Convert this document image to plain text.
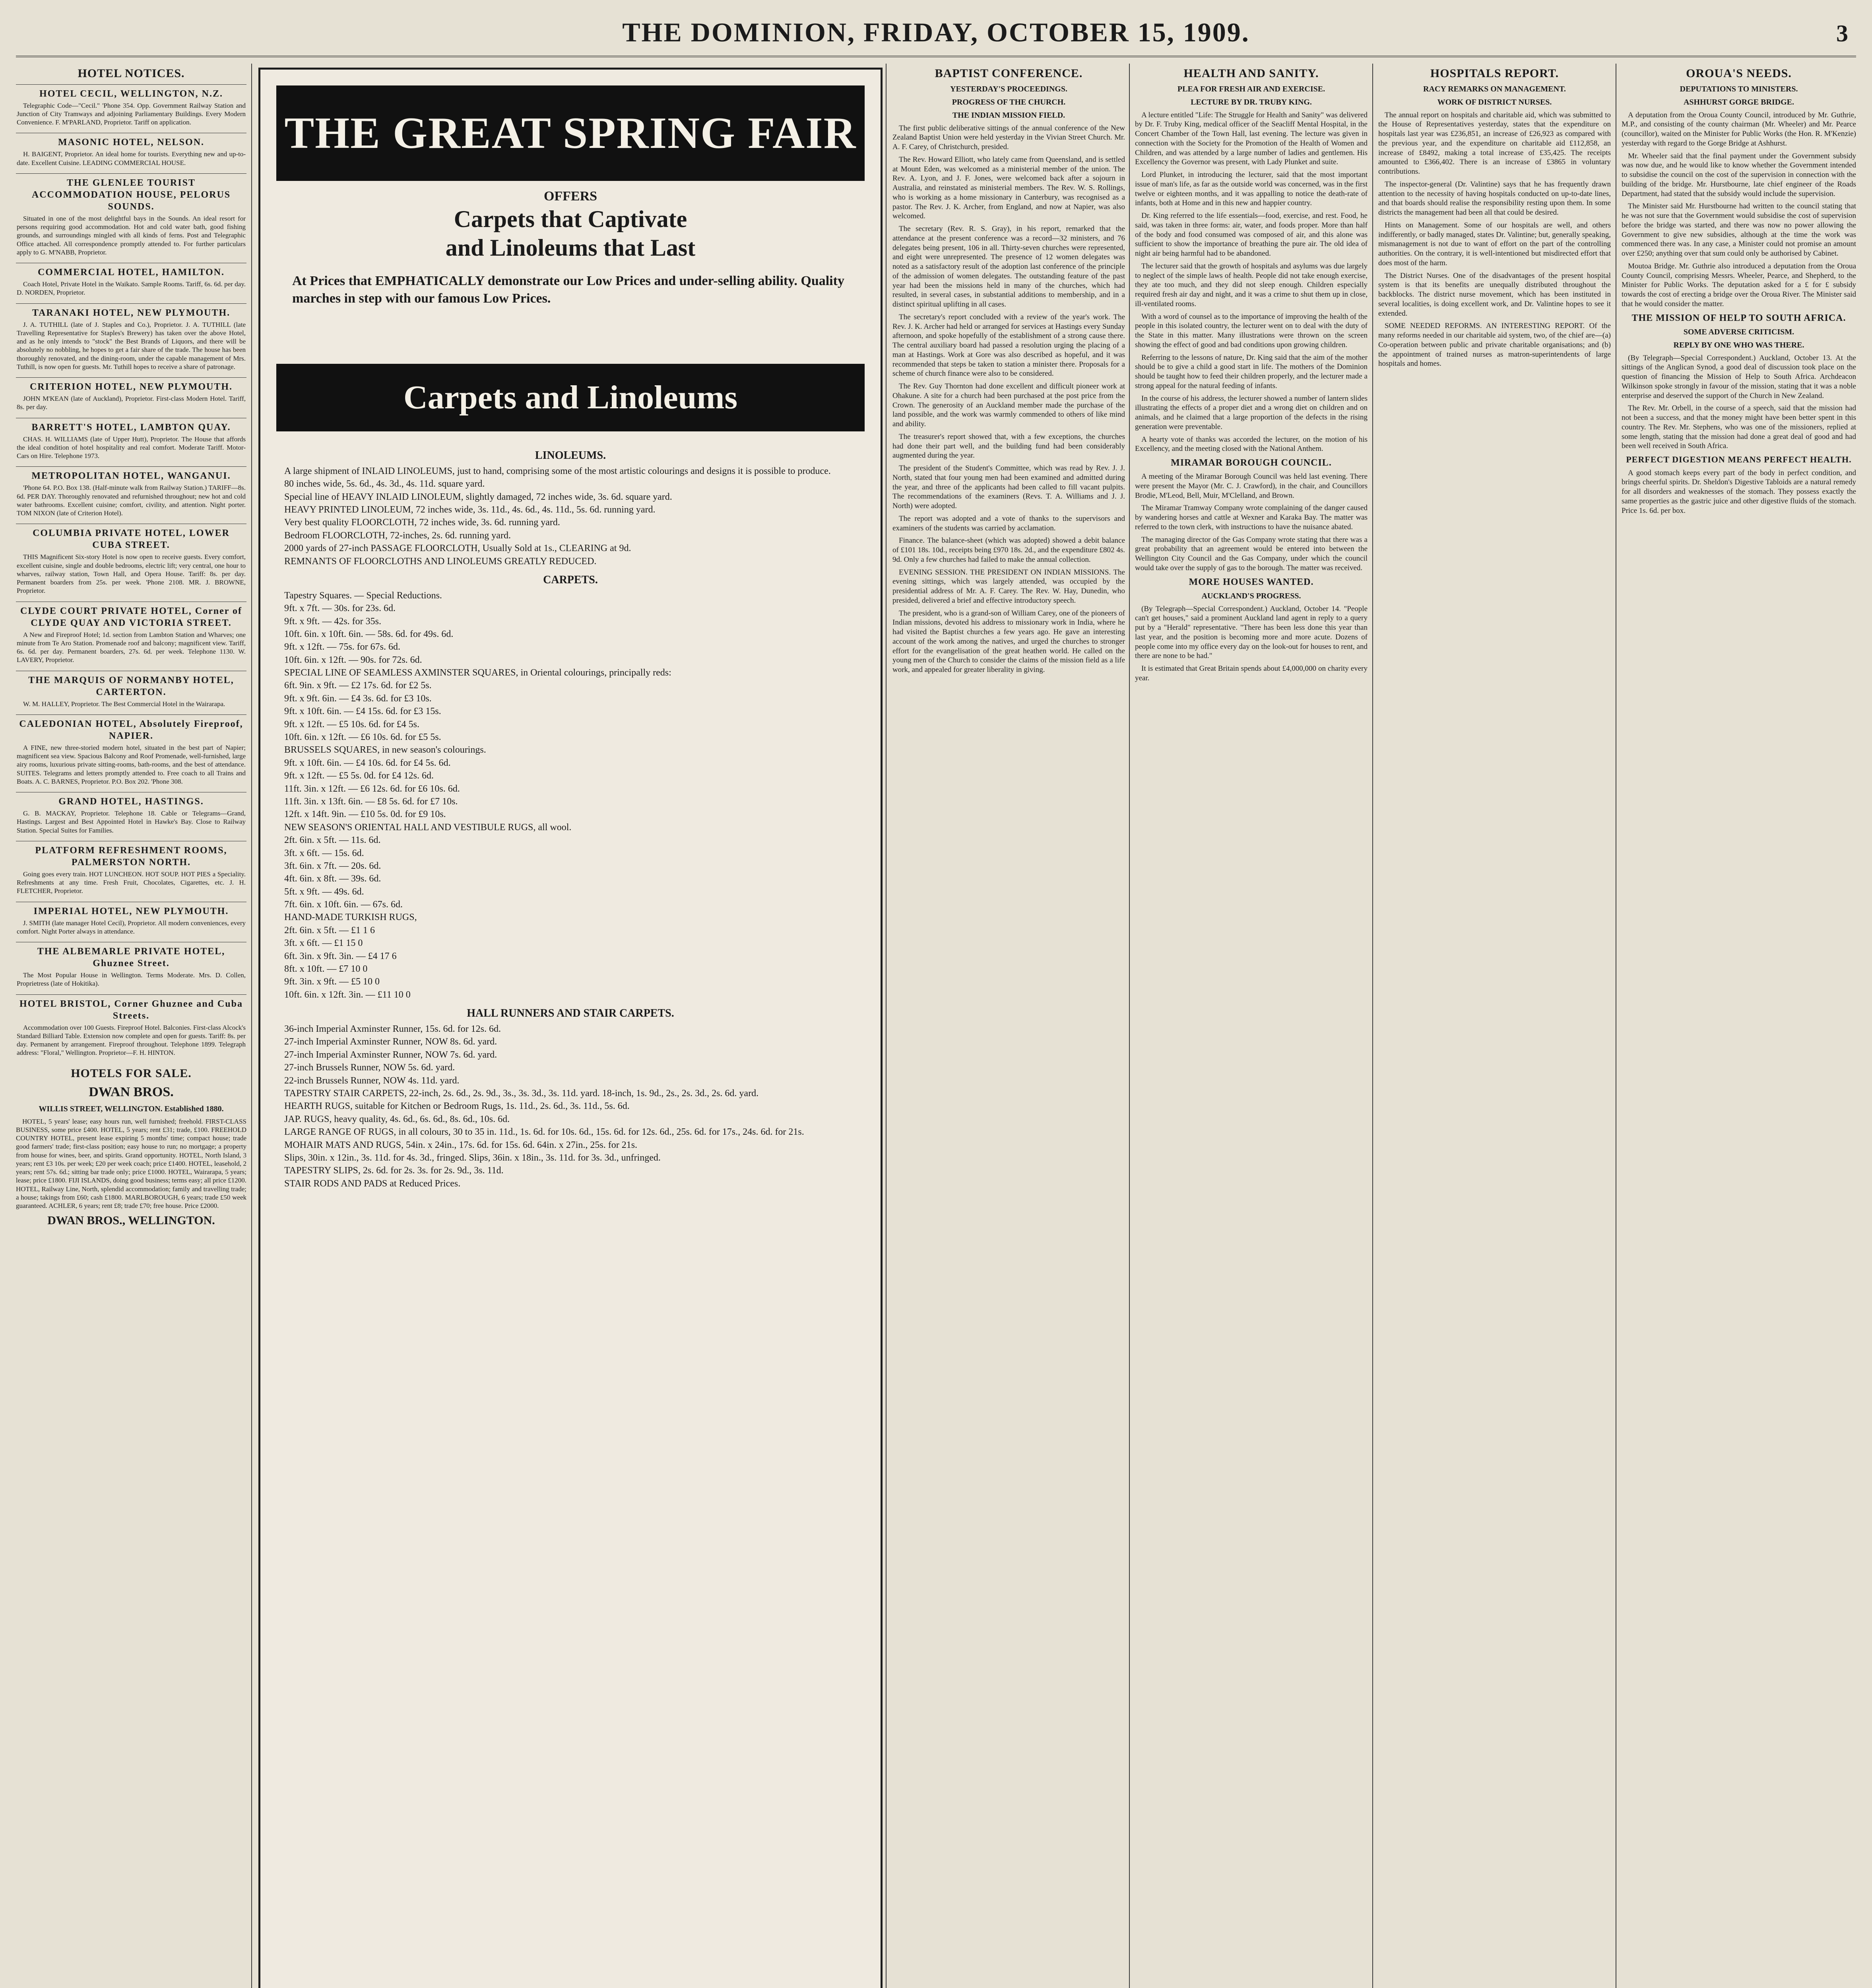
THE DOMINION, FRIDAY, OCTOBER 15, 1909.	3
HOTEL NOTICES.
HOTEL CECIL, WELLINGTON, N.Z.

Telegraphic Code—"Cecil." 'Phone 354. Opp. Government Railway Station and Junction of City Tramways and adjoining Parliamentary Buildings. Every Modern Convenience. F. M'PARLAND, Proprietor. Tariff on application.

MASONIC HOTEL, NELSON.

H. BAIGENT, Proprietor. An ideal home for tourists. Everything new and up-to-date. Excellent Cuisine. LEADING COMMERCIAL HOUSE.

THE GLENLEE TOURIST ACCOMMODATION HOUSE, PELORUS SOUNDS.

Situated in one of the most delightful bays in the Sounds. An ideal resort for persons requiring good accommodation. Hot and cold water bath, good fishing grounds, and surroundings mingled with all kinds of ferns. Post and Telegraphic Office attached. All correspondence promptly attended to. For further particulars apply to G. M'NABB, Proprietor.

COMMERCIAL HOTEL, HAMILTON.

Coach Hotel, Private Hotel in the Waikato. Sample Rooms. Tariff, 6s. 6d. per day. D. NORDEN, Proprietor.

TARANAKI HOTEL, NEW PLYMOUTH.

J. A. TUTHILL (late of J. Staples and Co.), Proprietor. J. A. TUTHILL (late Travelling Representative for Staples's Brewery) has taken over the above Hotel, and as he only intends to "stock" the Best Brands of Liquors, and there will be absolutely no nobbling, he hopes to get a fair share of the trade. The house has been thoroughly renovated, and the dining-room, under the capable management of Mrs. Tuthill, is now open for guests. Mr. Tuthill hopes to receive a share of patronage.

CRITERION HOTEL, NEW PLYMOUTH.

JOHN M'KEAN (late of Auckland), Proprietor. First-class Modern Hotel. Tariff, 8s. per day.

BARRETT'S HOTEL, LAMBTON QUAY.

CHAS. H. WILLIAMS (late of Upper Hutt), Proprietor. The House that affords the ideal condition of hotel hospitality and real comfort. Moderate Tariff. Motor-Cars on Hire. Telephone 1973.

METROPOLITAN HOTEL, WANGANUI.

'Phone 64. P.O. Box 138. (Half-minute walk from Railway Station.) TARIFF—8s. 6d. PER DAY. Thoroughly renovated and refurnished throughout; new hot and cold water bathrooms. Excellent cuisine; comfort, civility, and attention. Night porter. TOM NIXON (late of Criterion Hotel).

COLUMBIA PRIVATE HOTEL, LOWER CUBA STREET.

THIS Magnificent Six-story Hotel is now open to receive guests. Every comfort, excellent cuisine, single and double bedrooms, electric lift; very central, one hour to wharves, railway station, Town Hall, and Opera House. Tariff: 8s. per day. Permanent boarders from 25s. per week. 'Phone 2108. MR. J. BROWNE, Proprietor.

CLYDE COURT PRIVATE HOTEL, Corner of CLYDE QUAY AND VICTORIA STREET.

A New and Fireproof Hotel; 1d. section from Lambton Station and Wharves; one minute from Te Aro Station. Promenade roof and balcony; magnificent view. Tariff, 6s. 6d. per day. Permanent boarders, 27s. 6d. per week. Telephone 1130. W. LAVERY, Proprietor.

THE MARQUIS OF NORMANBY HOTEL, CARTERTON.

W. M. HALLEY, Proprietor. The Best Commercial Hotel in the Wairarapa.

CALEDONIAN HOTEL, Absolutely Fireproof, NAPIER.

A FINE, new three-storied modern hotel, situated in the best part of Napier; magnificent sea view. Spacious Balcony and Roof Promenade, well-furnished, large airy rooms, luxurious private sitting-rooms, bath-rooms, and the best of attendance. SUITES. Telegrams and letters promptly attended to. Free coach to all Trains and Boats. A. C. BARNES, Proprietor. P.O. Box 202. 'Phone 308.

GRAND HOTEL, HASTINGS.

G. B. MACKAY, Proprietor. Telephone 18. Cable or Telegrams—Grand, Hastings. Largest and Best Appointed Hotel in Hawke's Bay. Close to Railway Station. Special Suites for Families.

PLATFORM REFRESHMENT ROOMS, PALMERSTON NORTH.

Going goes every train. HOT LUNCHEON. HOT SOUP. HOT PIES a Speciality. Refreshments at any time. Fresh Fruit, Chocolates, Cigarettes, etc. J. H. FLETCHER, Proprietor.

IMPERIAL HOTEL, NEW PLYMOUTH.

J. SMITH (late manager Hotel Cecil), Proprietor. All modern conveniences, every comfort. Night Porter always in attendance.

THE ALBEMARLE PRIVATE HOTEL, Ghuznee Street.

The Most Popular House in Wellington. Terms Moderate. Mrs. D. Collen, Proprietress (late of Hokitika).

HOTEL BRISTOL, Corner Ghuznee and Cuba Streets.

Accommodation over 100 Guests. Fireproof Hotel. Balconies. First-class Alcock's Standard Billiard Table. Extension now complete and open for guests. Tariff: 8s. per day. Permanent by arrangement. Fireproof throughout. Telephone 1899. Telegraph address: "Floral," Wellington. Proprietor—F. H. HINTON.

HOTELS FOR SALE.
DWAN BROS.
WILLIS STREET, WELLINGTON. Established 1880.

HOTEL, 5 years' lease; easy hours run, well furnished; freehold. FIRST-CLASS BUSINESS, some price £400. HOTEL, 5 years; rent £31; trade, £100. FREEHOLD COUNTRY HOTEL, present lease expiring 5 months' time; compact house; trade good farmers' trade; first-class position; easy house to run; no mortgage; a property from house for wines, beer, and spirits. Grand opportunity. HOTEL, North Island, 3 years; rent £3 10s. per week; £20 per week coach; price £1400. HOTEL, leasehold, 2 years; rent 57s. 6d.; sitting bar trade only; price £1000. HOTEL, Wairarapa, 5 years; lease; price £1800. FIJI ISLANDS, doing good business; terms easy; all price £1200. HOTEL, Railway Line, North, splendid accommodation; family and travelling trade; a house; takings from £60; cash £1800. MARLBOROUGH, 6 years; trade £50 week guaranteed. ACHLER, 6 years; rent £8; trade £70; free house. Price £2000.

DWAN BROS., WELLINGTON.
THE GREAT SPRING FAIR
OFFERS
Carpets that Captivate
and Linoleums that Last
At Prices that EMPHATICALLY demonstrate our Low Prices and under-selling ability. Quality marches in step with our famous Low Prices.
Carpets and Linoleums
LINOLEUMS.
A large shipment of INLAID LINOLEUMS, just to hand, comprising some of the most artistic colourings and designs it is possible to produce.
80 inches wide, 5s. 6d., 4s. 3d., 4s. 11d. square yard.
Special line of HEAVY INLAID LINOLEUM, slightly damaged, 72 inches wide, 3s. 6d. square yard.
HEAVY PRINTED LINOLEUM, 72 inches wide, 3s. 11d., 4s. 6d., 4s. 11d., 5s. 6d. running yard.
Very best quality FLOORCLOTH, 72 inches wide, 3s. 6d. running yard.
Bedroom FLOORCLOTH, 72-inches, 2s. 6d. running yard.
2000 yards of 27-inch PASSAGE FLOORCLOTH, Usually Sold at 1s., CLEARING at 9d.
REMNANTS OF FLOORCLOTHS AND LINOLEUMS GREATLY REDUCED.
CARPETS.
Tapestry Squares. — Special Reductions.
9ft. x 7ft. — 30s. for 23s. 6d.
9ft. x 9ft. — 42s. for 35s.
10ft. 6in. x 10ft. 6in. — 58s. 6d. for 49s. 6d.
9ft. x 12ft. — 75s. for 67s. 6d.
10ft. 6in. x 12ft. — 90s. for 72s. 6d.
SPECIAL LINE OF SEAMLESS AXMINSTER SQUARES, in Oriental colourings, principally reds:
6ft. 9in. x 9ft. — £2 17s. 6d. for £2 5s.
9ft. x 9ft. 6in. — £4 3s. 6d. for £3 10s.
9ft. x 10ft. 6in. — £4 15s. 6d. for £3 15s.
9ft. x 12ft. — £5 10s. 6d. for £4 5s.
10ft. 6in. x 12ft. — £6 10s. 6d. for £5 5s.
BRUSSELS SQUARES, in new season's colourings.
9ft. x 10ft. 6in. — £4 10s. 6d. for £4 5s. 6d.
9ft. x 12ft. — £5 5s. 0d. for £4 12s. 6d.
11ft. 3in. x 12ft. — £6 12s. 6d. for £6 10s. 6d.
11ft. 3in. x 13ft. 6in. — £8 5s. 6d. for £7 10s.
12ft. x 14ft. 9in. — £10 5s. 0d. for £9 10s.
NEW SEASON'S ORIENTAL HALL AND VESTIBULE RUGS, all wool.
2ft. 6in. x 5ft. — 11s. 6d.
3ft. x 6ft. — 15s. 6d.
3ft. 6in. x 7ft. — 20s. 6d.
4ft. 6in. x 8ft. — 39s. 6d.
5ft. x 9ft. — 49s. 6d.
7ft. 6in. x 10ft. 6in. — 67s. 6d.
HAND-MADE TURKISH RUGS,
2ft. 6in. x 5ft. — £1 1 6
3ft. x 6ft. — £1 15 0
6ft. 3in. x 9ft. 3in. — £4 17 6
8ft. x 10ft. — £7 10 0
9ft. 3in. x 9ft. — £5 10 0
10ft. 6in. x 12ft. 3in. — £11 10 0
HALL RUNNERS AND STAIR CARPETS.
36-inch Imperial Axminster Runner, 15s. 6d. for 12s. 6d.
27-inch Imperial Axminster Runner, NOW 8s. 6d. yard.
27-inch Imperial Axminster Runner, NOW 7s. 6d. yard.
27-inch Brussels Runner, NOW 5s. 6d. yard.
22-inch Brussels Runner, NOW 4s. 11d. yard.
TAPESTRY STAIR CARPETS, 22-inch, 2s. 6d., 2s. 9d., 3s., 3s. 3d., 3s. 11d. yard. 18-inch, 1s. 9d., 2s., 2s. 3d., 2s. 6d. yard.
HEARTH RUGS, suitable for Kitchen or Bedroom Rugs, 1s. 11d., 2s. 6d., 3s. 11d., 5s. 6d.
JAP. RUGS, heavy quality, 4s. 6d., 6s. 6d., 8s. 6d., 10s. 6d.
LARGE RANGE OF RUGS, in all colours, 30 to 35 in. 11d., 1s. 6d. for 10s. 6d., 15s. 6d. for 12s. 6d., 25s. 6d. for 17s., 24s. 6d. for 21s.
MOHAIR MATS AND RUGS, 54in. x 24in., 17s. 6d. for 15s. 6d. 64in. x 27in., 25s. for 21s.
Slips, 30in. x 12in., 3s. 11d. for 4s. 3d., fringed. Slips, 36in. x 18in., 3s. 11d. for 3s. 3d., unfringed.
TAPESTRY SLIPS, 2s. 6d. for 2s. 3s. for 2s. 9d., 3s. 11d.
STAIR RODS AND PADS at Reduced Prices.

BAPTIST CONFERENCE.
YESTERDAY'S PROCEEDINGS.
PROGRESS OF THE CHURCH.
THE INDIAN MISSION FIELD.

The first public deliberative sittings of the annual conference of the New Zealand Baptist Union were held yesterday in the Vivian Street Church. Mr. A. F. Carey, of Christchurch, presided.

The Rev. Howard Elliott, who lately came from Queensland, and is settled at Mount Eden, was welcomed as a ministerial member of the union. The Rev. A. Lyon, and J. F. Jones, were welcomed back after a sojourn in Australia, and reinstated as ministerial members. The Rev. W. S. Rollings, who is working as a home missionary in Canterbury, was recognised as a pastor. The Rev. J. K. Archer, from England, and now at Napier, was also welcomed.

The secretary (Rev. R. S. Gray), in his report, remarked that the attendance at the present conference was a record—32 ministers, and 76 delegates being present, 106 in all. Thirty-seven churches were represented, and eight were unrepresented. The presence of 12 women delegates was noted as a satisfactory result of the adoption last conference of the principle of the admission of women delegates. The outstanding feature of the past year had been the missions held in many of the churches, which had resulted, in several cases, in substantial additions to membership, and in a distinct spiritual uplifting in all cases.

The secretary's report concluded with a review of the year's work. The Rev. J. K. Archer had held or arranged for services at Hastings every Sunday afternoon, and spoke hopefully of the establishment of a strong cause there. The central auxiliary board had passed a resolution urging the placing of a man at Hastings. Work at Gore was also described as hopeful, and it was recommended that steps be taken to station a minister there. Proposals for a scheme of church finance were also to be considered.

The Rev. Guy Thornton had done excellent and difficult pioneer work at Ohakune. A site for a church had been purchased at the post price from the Crown. The generosity of an Auckland member made the purchase of the land possible, and the work was warmly commended to others of like mind and ability.

The treasurer's report showed that, with a few exceptions, the churches had done their part well, and the building fund had been considerably augmented during the year.

The president of the Student's Committee, which was read by Rev. J. J. North, stated that four young men had been examined and admitted during the year, and three of the applicants had been called to fill vacant pulpits. The recommendations of the examiners (Revs. T. A. Williams and J. J. North) were adopted.

The report was adopted and a vote of thanks to the supervisors and examiners of the students was carried by acclamation.

Finance. The balance-sheet (which was adopted) showed a debit balance of £101 18s. 10d., receipts being £970 18s. 2d., and the expenditure £802 4s. 9d. Only a few churches had failed to make the annual collection.

EVENING SESSION. THE PRESIDENT ON INDIAN MISSIONS. The evening sittings, which was largely attended, was occupied by the presidential address of Mr. A. F. Carey. The Rev. W. Hay, Dunedin, who presided, delivered a brief and effective introductory speech.

The president, who is a grand-son of William Carey, one of the pioneers of Indian missions, devoted his address to missionary work in India, where he had visited the Baptist churches a few years ago. He gave an interesting account of the work among the natives, and urged the churches to stronger effort for the evangelisation of the great heathen world. He called on the young men of the Church to consider the claims of the mission field as a life work, and appealed for greater liberality in giving.

HEALTH AND SANITY.
PLEA FOR FRESH AIR AND EXERCISE.
LECTURE BY DR. TRUBY KING.

A lecture entitled "Life: The Struggle for Health and Sanity" was delivered by Dr. F. Truby King, medical officer of the Seacliff Mental Hospital, in the Concert Chamber of the Town Hall, last evening. The lecture was given in connection with the Society for the Promotion of the Health of Women and Children, and was attended by a large number of ladies and gentlemen. His Excellency the Governor was present, with Lady Plunket and suite.

Lord Plunket, in introducing the lecturer, said that the most important issue of man's life, as far as the outside world was concerned, was in the first twelve or eighteen months, and it was appalling to notice the death-rate of infants, both at Home and in this new and happier country.

Dr. King referred to the life essentials—food, exercise, and rest. Food, he said, was taken in three forms: air, water, and foods proper. More than half of the body and food consumed was composed of air, and this alone was sufficient to show the importance of breathing the pure air. The old idea of night air being harmful had to be abandoned.

The lecturer said that the growth of hospitals and asylums was due largely to neglect of the simple laws of health. People did not take enough exercise, they ate too much, and they did not sleep enough. Children especially required fresh air day and night, and it was a crime to shut them up in close, ill-ventilated rooms.

With a word of counsel as to the importance of improving the health of the people in this isolated country, the lecturer went on to deal with the duty of the State in this matter. Many illustrations were thrown on the screen showing the effect of good and bad conditions upon growing children.

Referring to the lessons of nature, Dr. King said that the aim of the mother should be to give a child a good start in life. The mothers of the Dominion should be taught how to feed their children properly, and the lecturer made a strong appeal for the natural feeding of infants.

In the course of his address, the lecturer showed a number of lantern slides illustrating the effects of a proper diet and a wrong diet on children and on animals, and he claimed that a large proportion of the defects in the rising generation were preventable.

A hearty vote of thanks was accorded the lecturer, on the motion of his Excellency, and the meeting closed with the National Anthem.

MIRAMAR BOROUGH COUNCIL.

A meeting of the Miramar Borough Council was held last evening. There were present the Mayor (Mr. C. J. Crawford), in the chair, and Councillors Brodie, M'Leod, Bell, Muir, M'Clelland, and Brown.

The Miramar Tramway Company wrote complaining of the danger caused by wandering horses and cattle at Wexner and Karaka Bay. The matter was referred to the town clerk, with instructions to have the nuisance abated.

The managing director of the Gas Company wrote stating that there was a great probability that an agreement would be entered into between the Wellington City Council and the Gas Company, under which the council would take over the supply of gas to the borough. The matter was received.

MORE HOUSES WANTED.
AUCKLAND'S PROGRESS.

(By Telegraph—Special Correspondent.) Auckland, October 14. "People can't get houses," said a prominent Auckland land agent in reply to a query put by a "Herald" representative. "There has been less done this year than last year, and the position is becoming more and more acute. Dozens of people come into my office every day on the look-out for houses to rent, and there are none to be had."

It is estimated that Great Britain spends about £4,000,000 on charity every year.

HOSPITALS REPORT.
RACY REMARKS ON MANAGEMENT.
WORK OF DISTRICT NURSES.

The annual report on hospitals and charitable aid, which was submitted to the House of Representatives yesterday, states that the expenditure on hospitals last year was £236,851, an increase of £26,923 as compared with the previous year, and the expenditure on charitable aid £112,858, an increase of £8492, making a total increase of £35,425. The receipts amounted to £366,402. There is an increase of £3865 in voluntary contributions.

The inspector-general (Dr. Valintine) says that he has frequently drawn attention to the necessity of having hospitals conducted on up-to-date lines, and that boards should realise the responsibility resting upon them. In some districts the management had been all that could be desired.

Hints on Management. Some of our hospitals are well, and others indifferently, or badly managed, states Dr. Valintine; but, generally speaking, mismanagement is not due to want of effort on the part of the controlling authorities. On the contrary, it is well-intentioned but misdirected effort that does most of the harm.

The District Nurses. One of the disadvantages of the present hospital system is that its benefits are unequally distributed throughout the backblocks. The district nurse movement, which has been instituted in several localities, is doing excellent work, and Dr. Valintine hopes to see it extended.

SOME NEEDED REFORMS. AN INTERESTING REPORT. Of the many reforms needed in our charitable aid system, two, of the chief are—(a) Co-operation between public and private charitable organisations; and (b) the appointment of trained nurses as matron-superintendents of large hospitals and homes.

OROUA'S NEEDS.
DEPUTATIONS TO MINISTERS.
ASHHURST GORGE BRIDGE.

A deputation from the Oroua County Council, introduced by Mr. Guthrie, M.P., and consisting of the county chairman (Mr. Wheeler) and Mr. Pearce (councillor), waited on the Minister for Public Works (the Hon. R. M'Kenzie) yesterday with regard to the Gorge Bridge at Ashhurst.

Mr. Wheeler said that the final payment under the Government subsidy was now due, and he would like to know whether the Government intended to subsidise the council on the cost of the supervision in connection with the building of the bridge. Mr. Hurstbourne, late chief engineer of the Roads Department, had stated that the subsidy would include the supervision.

The Minister said Mr. Hurstbourne had written to the council stating that he was not sure that the Government would subsidise the cost of supervision before the bridge was started, and there was now no power allowing the Government to give new subsidies, although at the time the work was commenced there was. In any case, a Minister could not promise an amount over £250; anything over that sum could only be authorised by Cabinet.

Moutoa Bridge. Mr. Guthrie also introduced a deputation from the Oroua County Council, comprising Messrs. Wheeler, Pearce, and Shepherd, to the Minister for Public Works. The deputation asked for a £ for £ subsidy towards the cost of erecting a bridge over the Oroua River. The Minister said that he would consider the matter.

THE MISSION OF HELP TO SOUTH AFRICA.
SOME ADVERSE CRITICISM.
REPLY BY ONE WHO WAS THERE.

(By Telegraph—Special Correspondent.) Auckland, October 13. At the sittings of the Anglican Synod, a good deal of discussion took place on the question of financing the Mission of Help to South Africa. Archdeacon Wilkinson spoke strongly in favour of the mission, stating that it was a noble enterprise and deserved the support of the Church in New Zealand.

The Rev. Mr. Orbell, in the course of a speech, said that the mission had not been a success, and that the money might have been better spent in this country. The Rev. Mr. Stephens, who was one of the missioners, replied at some length, stating that the mission had done a great deal of good and had been well received in South Africa.

PERFECT DIGESTION MEANS PERFECT HEALTH.

A good stomach keeps every part of the body in perfect condition, and brings cheerful spirits. Dr. Sheldon's Digestive Tabloids are a natural remedy for all disorders and weaknesses of the stomach. They possess exactly the same properties as the gastric juice and other digestive fluids of the stomach. Price 1s. 6d. per box.
